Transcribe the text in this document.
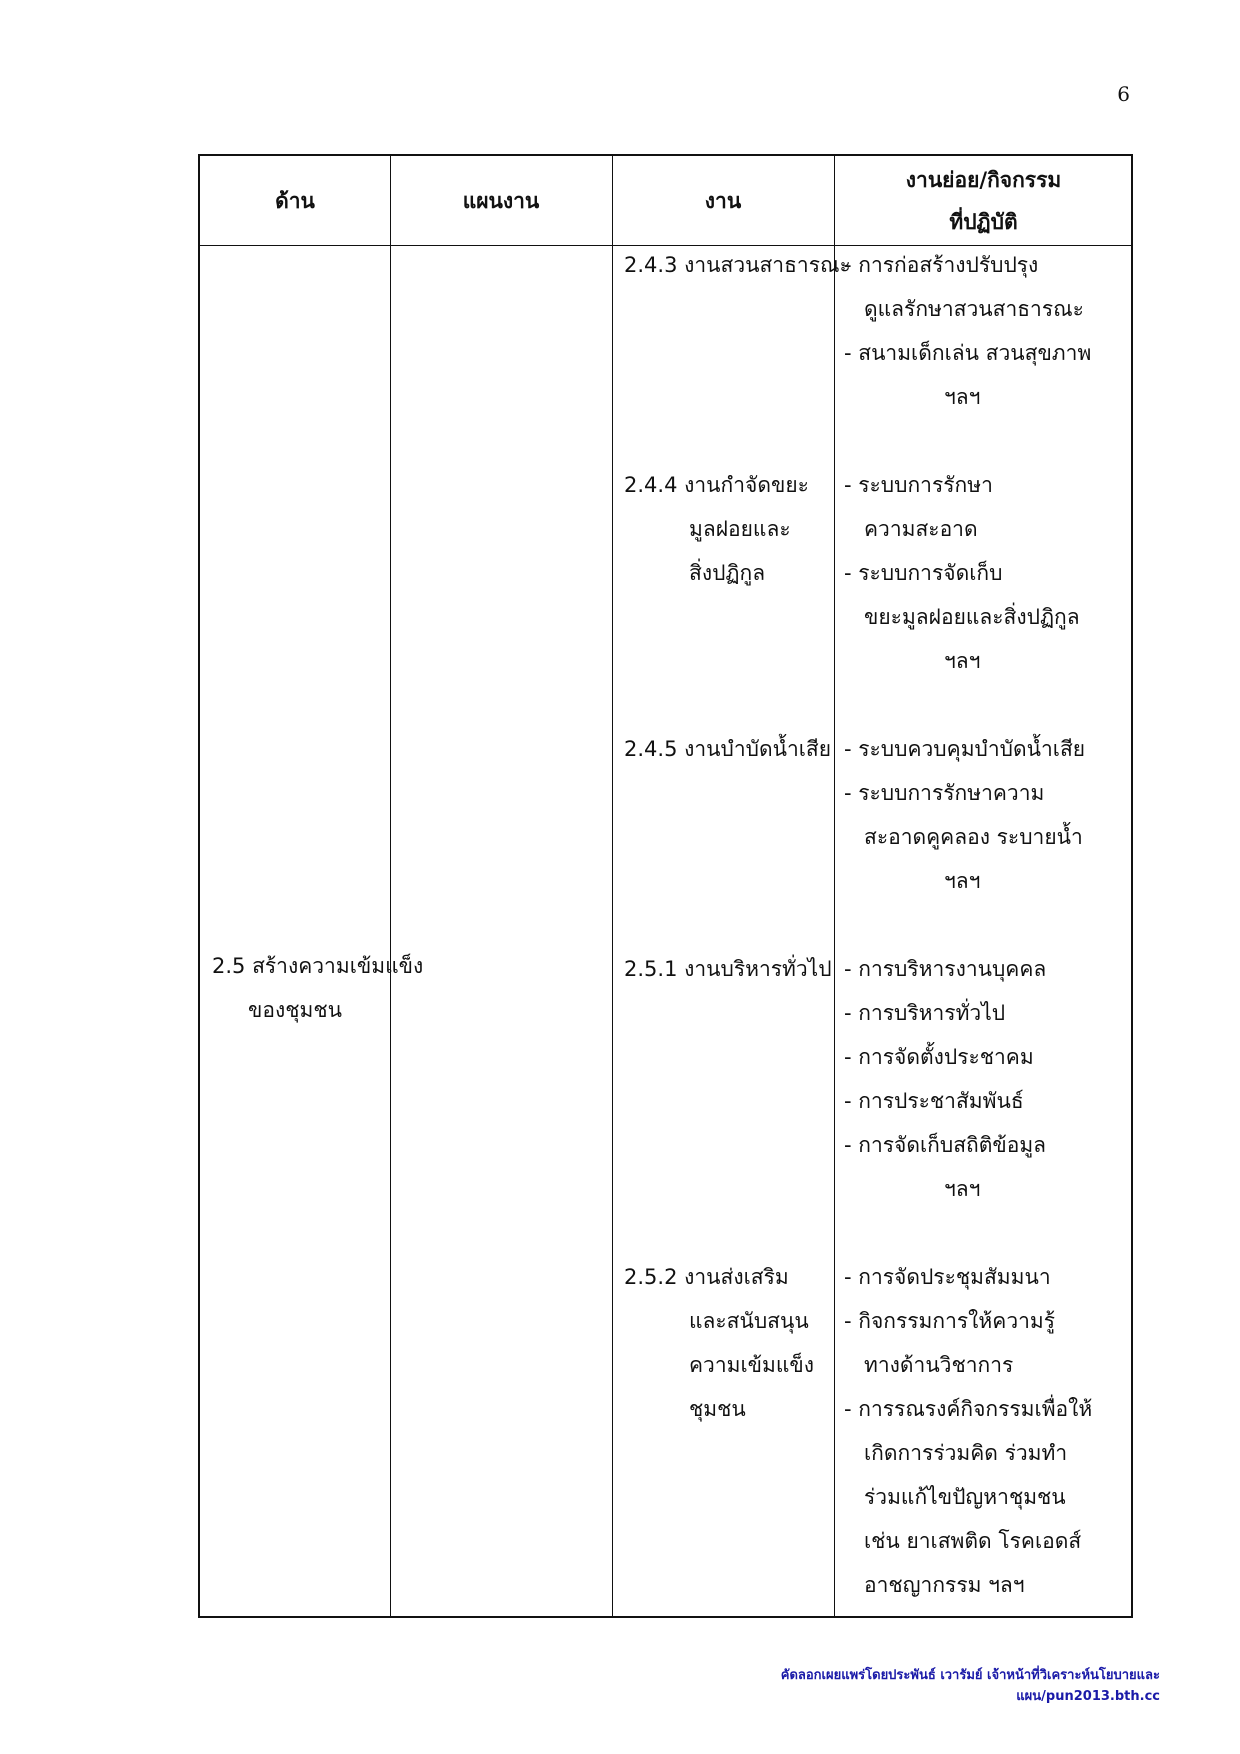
6
ด้าน	แผนงาน	งาน
งานย่อย/กิจกรรม
ที่ปฏิบัติ
2.5 สร้างความเข้มแข็ง
ของชุมชน
2.4.3 งานสวนสาธารณะ
2.4.4 งานกำจัดขยะ
มูลฝอยและ
สิ่งปฏิกูล
2.4.5 งานบำบัดน้ำเสีย
2.5.1 งานบริหารทั่วไป
2.5.2 งานส่งเสริม
และสนับสนุน
ความเข้มแข็ง
ชุมชน
- การก่อสร้างปรับปรุง
ดูแลรักษาสวนสาธารณะ
- สนามเด็กเล่น สวนสุขภาพ
ฯลฯ
- ระบบการรักษา
ความสะอาด
- ระบบการจัดเก็บ
ขยะมูลฝอยและสิ่งปฏิกูล
ฯลฯ
- ระบบควบคุมบำบัดน้ำเสีย
- ระบบการรักษาความ
สะอาดคูคลอง ระบายน้ำ
ฯลฯ
- การบริหารงานบุคคล
- การบริหารทั่วไป
- การจัดตั้งประชาคม
- การประชาสัมพันธ์
- การจัดเก็บสถิติข้อมูล
ฯลฯ
- การจัดประชุมสัมมนา
- กิจกรรมการให้ความรู้
ทางด้านวิชาการ
- การรณรงค์กิจกรรมเพื่อให้
เกิดการร่วมคิด ร่วมทำ
ร่วมแก้ไขปัญหาชุมชน
เช่น ยาเสพติด โรคเอดส์
อาชญากรรม ฯลฯ
คัดลอกเผยแพร่โดยประพันธ์ เวารัมย์ เจ้าหน้าที่วิเคราะห์นโยบายและแผน/pun2013.bth.cc
